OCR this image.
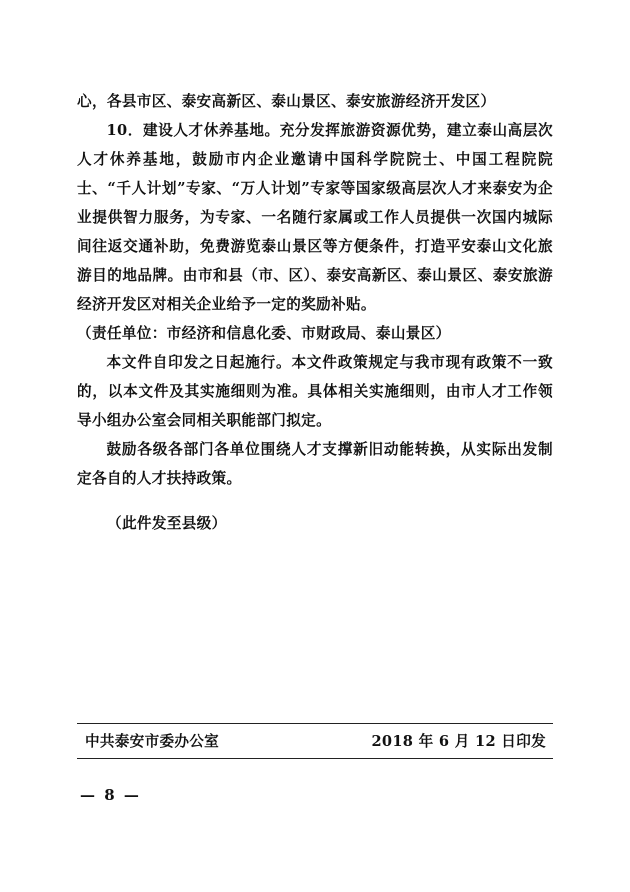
心，各县市区、泰安高新区、泰山景区、泰安旅游经济开发区）

10．建设人才休养基地。充分发挥旅游资源优势，建立泰山高层次人才休养基地，鼓励市内企业邀请中国科学院院士、中国工程院院士、“千人计划”专家、“万人计划”专家等国家级高层次人才来泰安为企业提供智力服务，为专家、一名随行家属或工作人员提供一次国内城际间往返交通补助，免费游览泰山景区等方便条件，打造平安泰山文化旅游目的地品牌。由市和县（市、区）、泰安高新区、泰山景区、泰安旅游经济开发区对相关企业给予一定的奖励补贴。

（责任单位：市经济和信息化委、市财政局、泰山景区）

本文件自印发之日起施行。本文件政策规定与我市现有政策不一致的，以本文件及其实施细则为准。具体相关实施细则，由市人才工作领导小组办公室会同相关职能部门拟定。

鼓励各级各部门各单位围绕人才支撑新旧动能转换，从实际出发制定各自的人才扶持政策。

（此件发至县级）
中共泰安市委办公室	2018 年 6 月 12 日印发
— 8 —
